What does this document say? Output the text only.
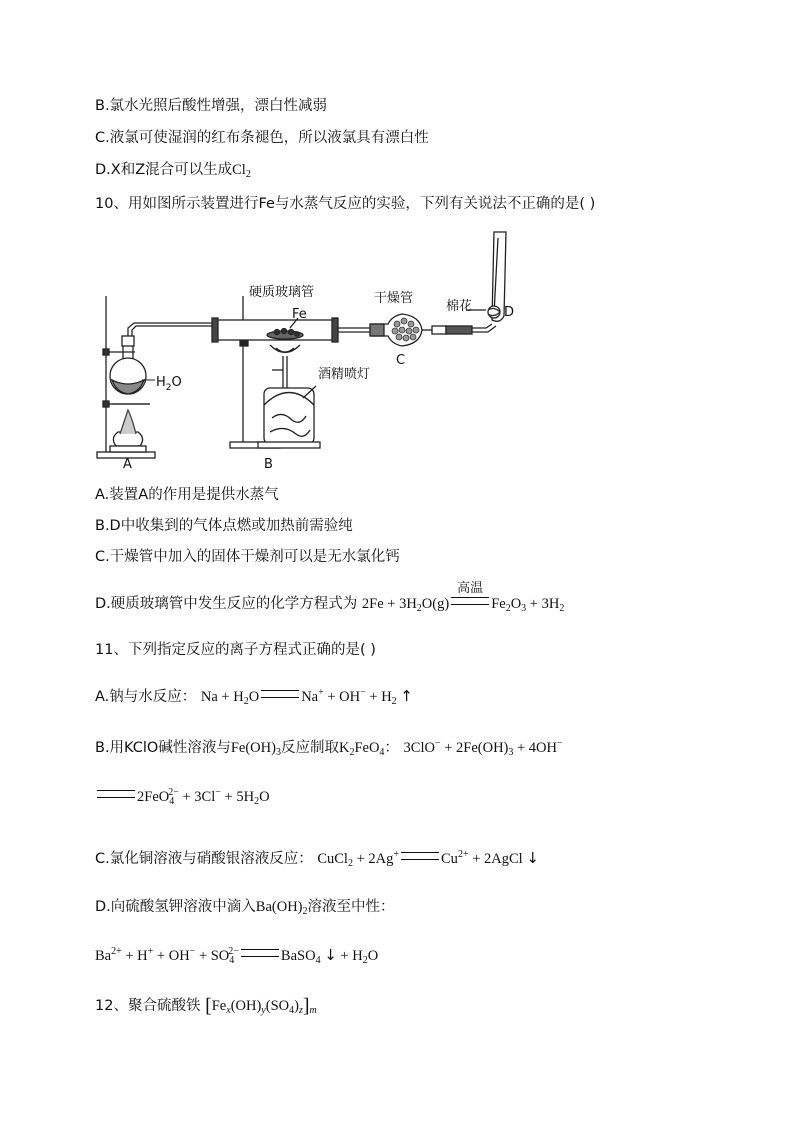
B.氯水光照后酸性增强，漂白性减弱
C.液氯可使湿润的红布条褪色，所以液氯具有漂白性
D.X和Z混合可以生成$Cl_2$
10、用如图所示装置进行Fe与水蒸气反应的实验，下列有关说法不正确的是( )
硬质玻璃管
Fe
干燥管
棉花
$H_2O$
酒精喷灯
A	B
C
D
A.装置A的作用是提供水蒸气
B.D中收集到的气体点燃或加热前需验纯
C.干燥管中加入的固体干燥剂可以是无水氯化钙
D.硬质玻璃管中发生反应的化学方程式为 $2Fe + 3H_2O(g)$
高温
$Fe_2O_3 + 3H_2$
11、下列指定反应的离子方程式正确的是( )
A.钠与水反应： $Na + H_2O$	$Na^+ + OH^- + H_2$ ↑
B.用KClO碱性溶液与$Fe(OH)_3$反应制取$K_2FeO_4$： $3ClO^- + 2Fe(OH)_3 + 4OH^-$
$2FeO_4^{2-} + 3Cl^- + 5H_2O$
C.氯化铜溶液与硝酸银溶液反应： CuCl$_2$ + 2Ag+	$Cu^{2+}$ + 2AgCl ↓
D.向硫酸氢钾溶液中滴入$Ba(OH)_2$溶液至中性：
$Ba^{2+} + H^+ + OH^- + SO_4^{2-}$	BaSO$_4$ ↓ + $H_2O$
12、聚合硫酸铁 $[Fe_x(OH)_y(SO_4)_z]_m$
